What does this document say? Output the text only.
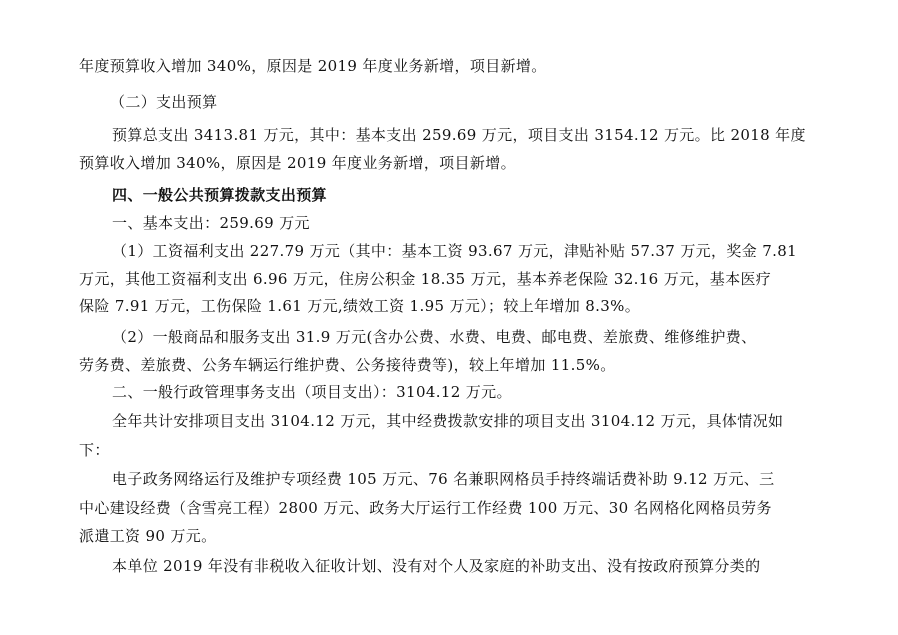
年度预算收入增加 340%，原因是 2019 年度业务新增，项目新增。
（二）支出预算
预算总支出 3413.81 万元，其中：基本支出 259.69 万元，项目支出 3154.12 万元。比 2018 年度
预算收入增加 340%，原因是 2019 年度业务新增，项目新增。
四、一般公共预算拨款支出预算
一、基本支出：259.69 万元
（1）工资福利支出 227.79 万元（其中：基本工资 93.67 万元，津贴补贴 57.37 万元，奖金 7.81
万元，其他工资福利支出 6.96 万元，住房公积金 18.35 万元，基本养老保险 32.16 万元，基本医疗
保险 7.91 万元，工伤保险 1.61 万元,绩效工资 1.95 万元）；较上年增加 8.3%。
（2）一般商品和服务支出 31.9 万元(含办公费、水费、电费、邮电费、差旅费、维修维护费、
劳务费、差旅费、公务车辆运行维护费、公务接待费等)，较上年增加 11.5%。
二、一般行政管理事务支出（项目支出）：3104.12 万元。
全年共计安排项目支出 3104.12 万元，其中经费拨款安排的项目支出 3104.12 万元，具体情况如
下：
电子政务网络运行及维护专项经费 105 万元、76 名兼职网格员手持终端话费补助 9.12 万元、三
中心建设经费（含雪亮工程）2800 万元、政务大厅运行工作经费 100 万元、30 名网格化网格员劳务
派遣工资 90 万元。
本单位 2019 年没有非税收入征收计划、没有对个人及家庭的补助支出、没有按政府预算分类的
